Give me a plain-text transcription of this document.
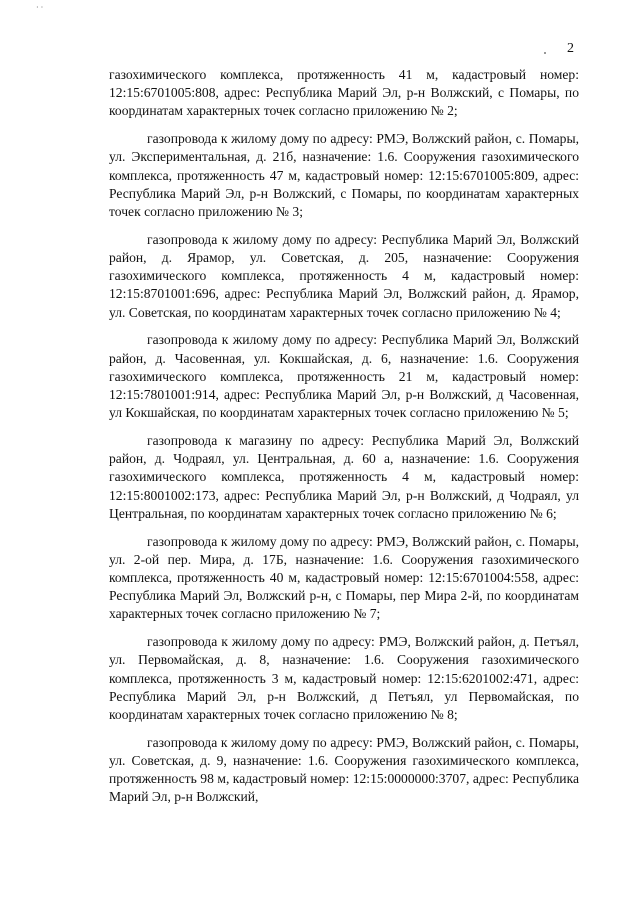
· ·
2

газохимического комплекса, протяженность 41 м, кадастровый номер: 12:15:6701005:808, адрес: Республика Марий Эл, р-н Волжский, с Помары, по координатам характерных точек согласно приложению № 2;

газопровода к жилому дому по адресу: РМЭ, Волжский район, с. Помары, ул. Экспериментальная, д. 21б, назначение: 1.6. Сооружения газохимического комплекса, протяженность 47 м, кадастровый номер: 12:15:6701005:809, адрес: Республика Марий Эл, р-н Волжский, с Помары, по координатам характерных точек согласно приложению № 3;

газопровода к жилому дому по адресу: Республика Марий Эл, Волжский район, д. Ярамор, ул. Советская, д. 205, назначение: Сооружения газохимического комплекса, протяженность 4 м, кадастровый номер: 12:15:8701001:696, адрес: Республика Марий Эл, Волжский район, д. Ярамор, ул. Советская, по координатам характерных точек согласно приложению № 4;

газопровода к жилому дому по адресу: Республика Марий Эл, Волжский район, д. Часовенная, ул. Кокшайская, д. 6, назначение: 1.6. Сооружения газохимического комплекса, протяженность 21 м, кадастровый номер: 12:15:7801001:914, адрес: Республика Марий Эл, р-н Волжский, д Часовенная, ул Кокшайская, по координатам характерных точек согласно приложению № 5;

газопровода к магазину по адресу: Республика Марий Эл, Волжский район, д. Чодраял, ул. Центральная, д. 60 а, назначение: 1.6. Сооружения газохимического комплекса, протяженность 4 м, кадастровый номер: 12:15:8001002:173, адрес: Республика Марий Эл, р-н Волжский, д Чодраял, ул Центральная, по координатам характерных точек согласно приложению № 6;

газопровода к жилому дому по адресу: РМЭ, Волжский район, с. Помары, ул. 2-ой пер. Мира, д. 17Б, назначение: 1.6. Сооружения газохимического комплекса, протяженность 40 м, кадастровый номер: 12:15:6701004:558, адрес: Республика Марий Эл, Волжский р-н, с Помары, пер Мира 2-й, по координатам характерных точек согласно приложению № 7;

газопровода к жилому дому по адресу: РМЭ, Волжский район, д. Петъял, ул. Первомайская, д. 8, назначение: 1.6. Сооружения газохимического комплекса, протяженность 3 м, кадастровый номер: 12:15:6201002:471, адрес: Республика Марий Эл, р-н Волжский, д Петъял, ул Первомайская, по координатам характерных точек согласно приложению № 8;

газопровода к жилому дому по адресу: РМЭ, Волжский район, с. Помары, ул. Советская, д. 9, назначение: 1.6. Сооружения газохимического комплекса, протяженность 98 м, кадастровый номер: 12:15:0000000:3707, адрес: Республика Марий Эл, р-н Волжский,
